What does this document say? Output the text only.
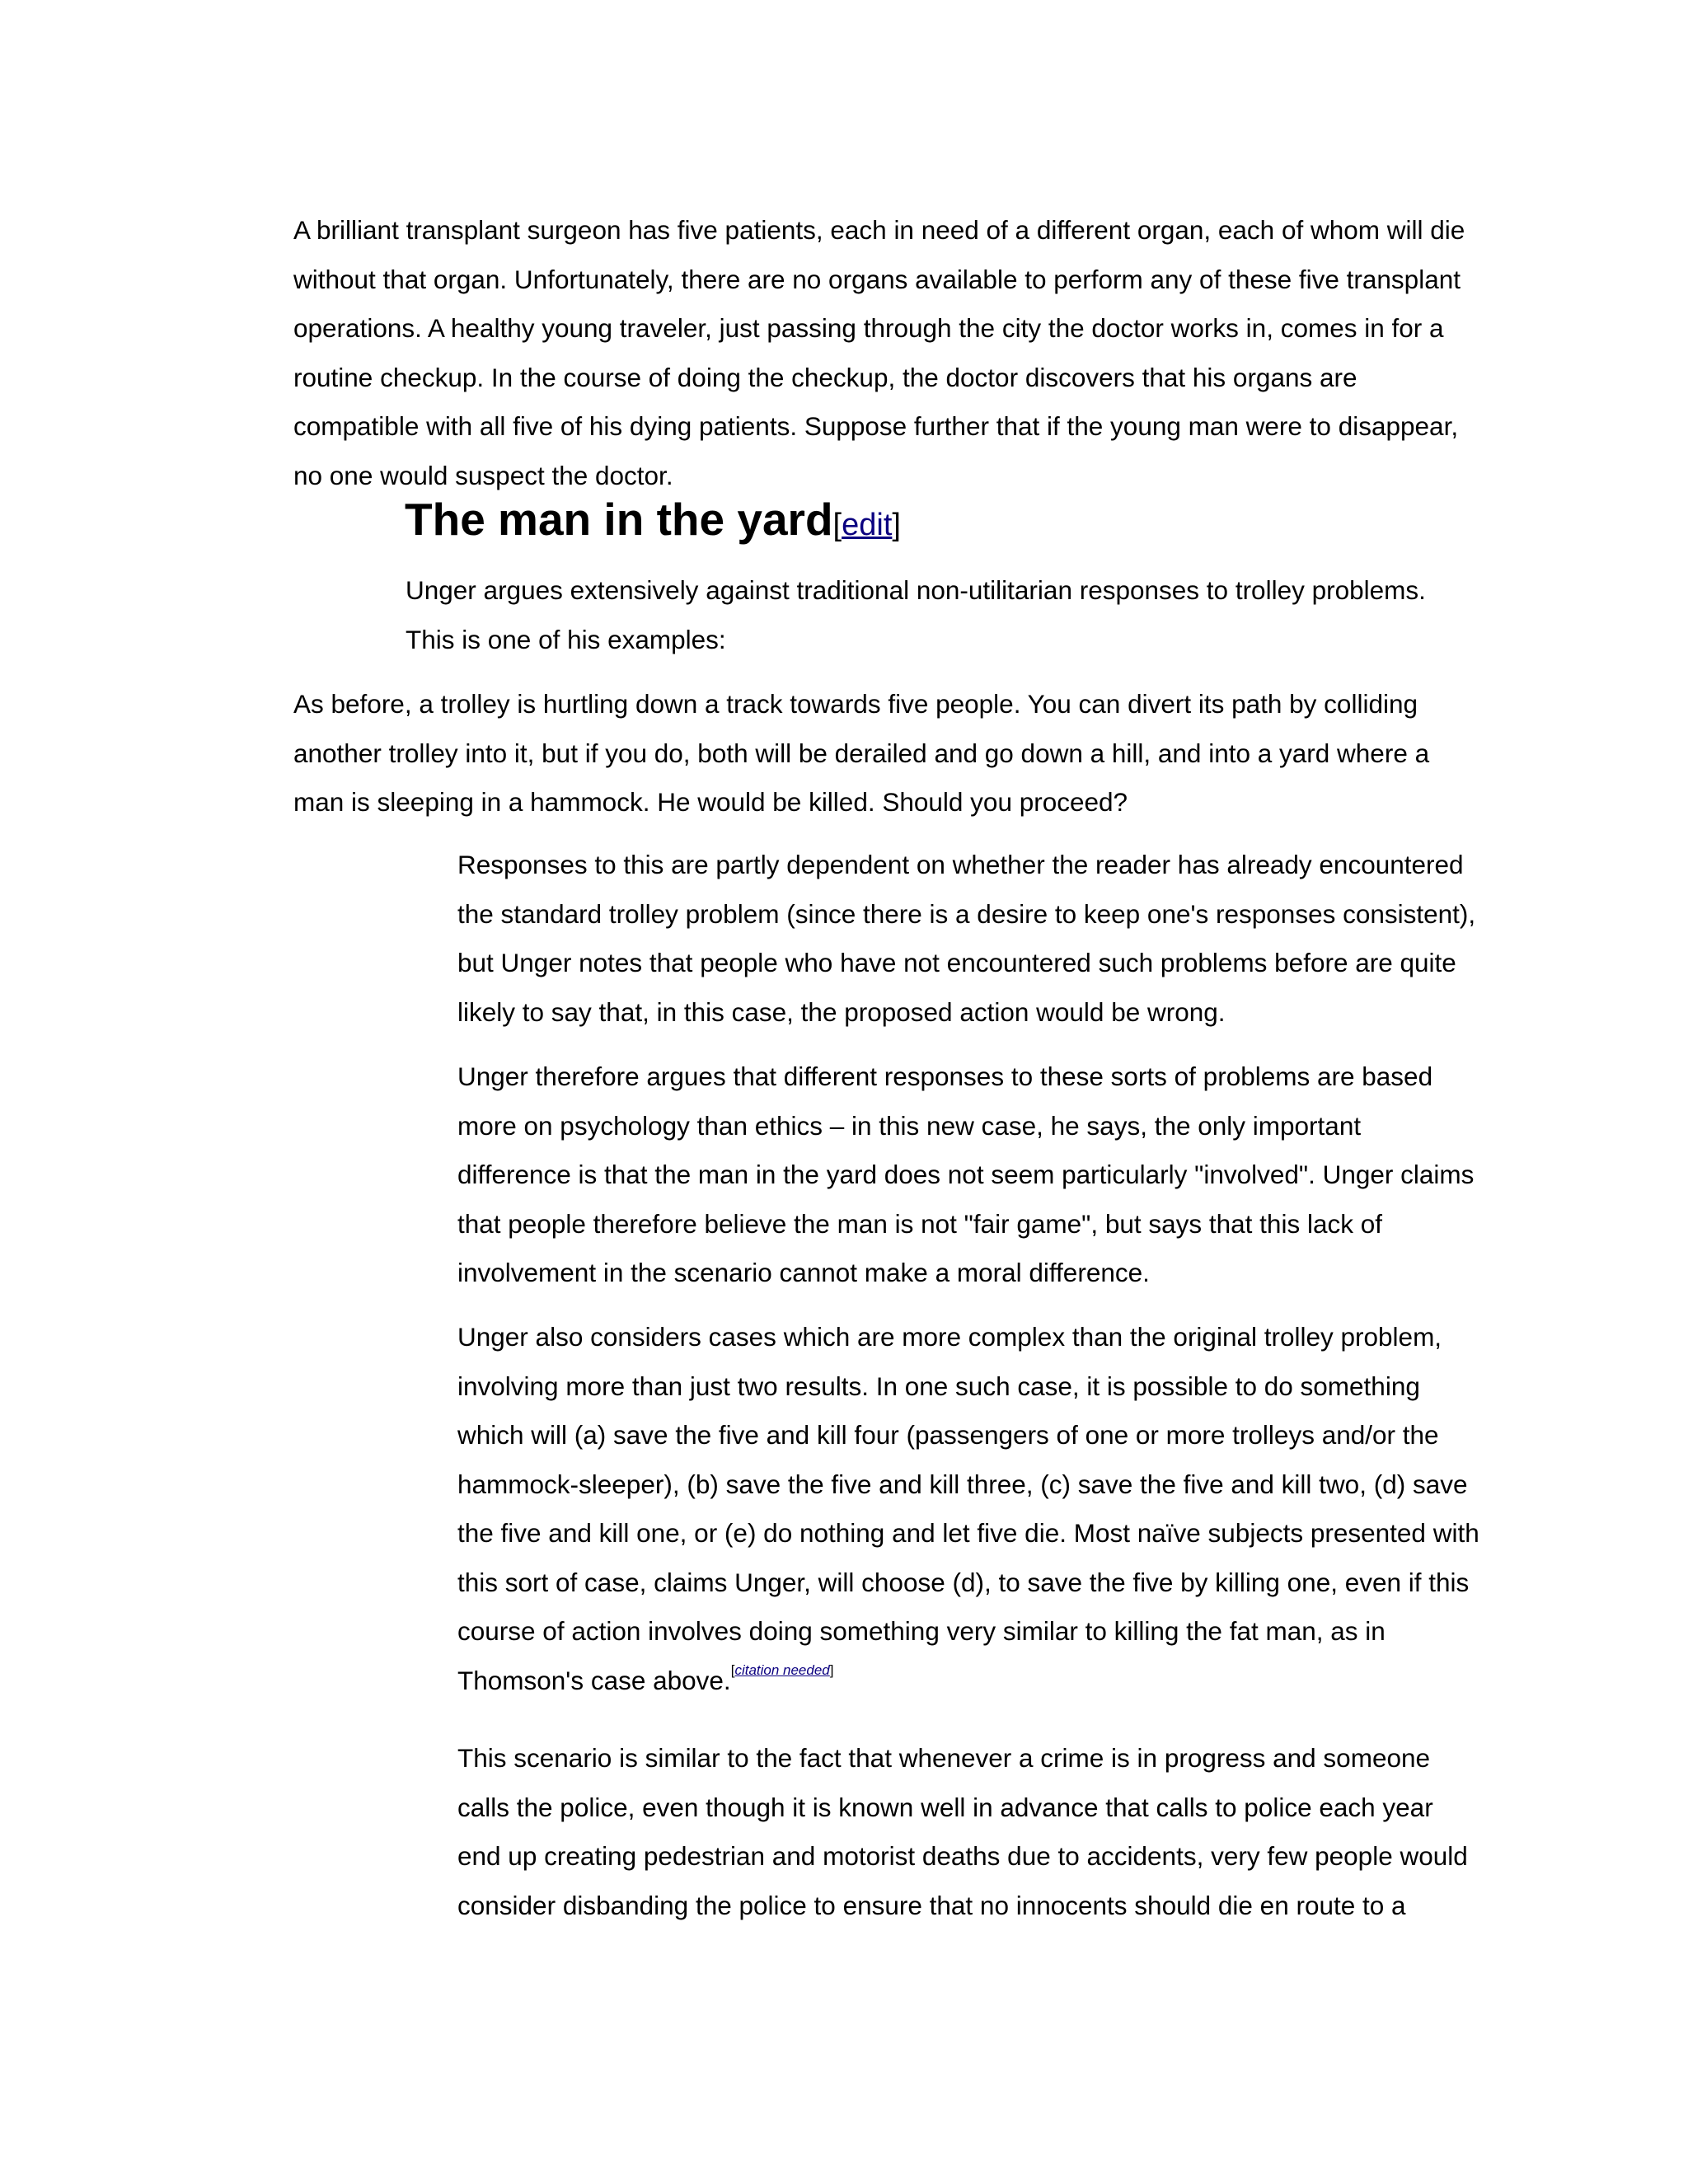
A brilliant transplant surgeon has five patients, each in need of a different organ, each of whom will die without that organ. Unfortunately, there are no organs available to perform any of these five transplant operations. A healthy young traveler, just passing through the city the doctor works in, comes in for a routine checkup. In the course of doing the checkup, the doctor discovers that his organs are compatible with all five of his dying patients. Suppose further that if the young man were to disappear, no one would suspect the doctor.

The man in the yard[edit]

Unger argues extensively against traditional non-utilitarian responses to trolley problems. This is one of his examples:

As before, a trolley is hurtling down a track towards five people. You can divert its path by colliding another trolley into it, but if you do, both will be derailed and go down a hill, and into a yard where a man is sleeping in a hammock. He would be killed. Should you proceed?

Responses to this are partly dependent on whether the reader has already encountered the standard trolley problem (since there is a desire to keep one's responses consistent), but Unger notes that people who have not encountered such problems before are quite likely to say that, in this case, the proposed action would be wrong.

Unger therefore argues that different responses to these sorts of problems are based more on psychology than ethics – in this new case, he says, the only important difference is that the man in the yard does not seem particularly "involved". Unger claims that people therefore believe the man is not "fair game", but says that this lack of involvement in the scenario cannot make a moral difference.

Unger also considers cases which are more complex than the original trolley problem, involving more than just two results. In one such case, it is possible to do something which will (a) save the five and kill four (passengers of one or more trolleys and/or the hammock-sleeper), (b) save the five and kill three, (c) save the five and kill two, (d) save the five and kill one, or (e) do nothing and let five die. Most naïve subjects presented with this sort of case, claims Unger, will choose (d), to save the five by killing one, even if this course of action involves doing something very similar to killing the fat man, as in Thomson's case above.[citation needed]

This scenario is similar to the fact that whenever a crime is in progress and someone calls the police, even though it is known well in advance that calls to police each year end up creating pedestrian and motorist deaths due to accidents, very few people would consider disbanding the police to ensure that no innocents should die en route to a
